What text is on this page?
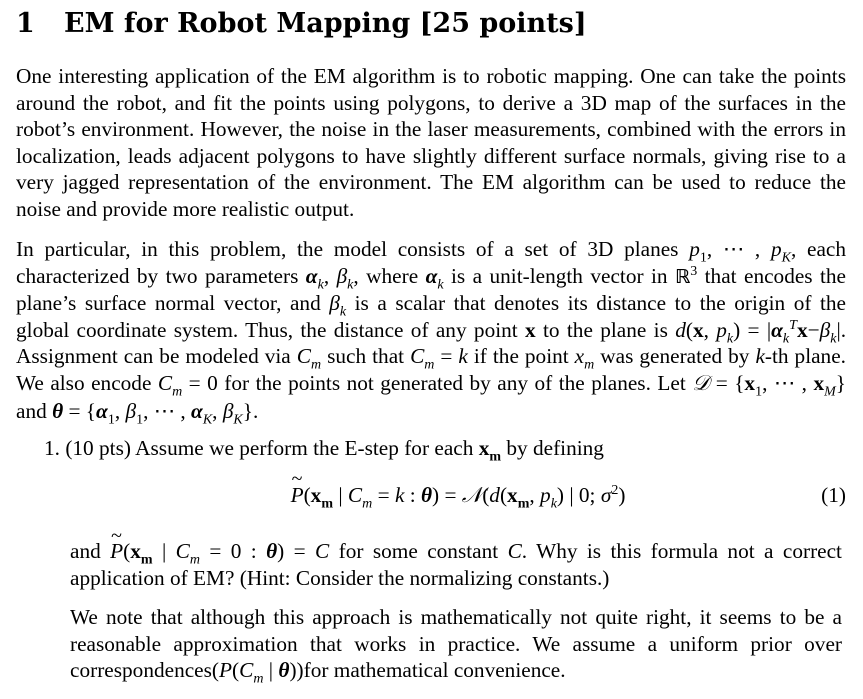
1 EM for Robot Mapping [25 points]
One interesting application of the EM algorithm is to robotic mapping. One can take the points around the robot, and fit the points using polygons, to derive a 3D map of the surfaces in the robot’s environment. However, the noise in the laser measurements, combined with the errors in localization, leads adjacent polygons to have slightly different surface normals, giving rise to a very jagged representation of the environment. The EM algorithm can be used to reduce the noise and provide more realistic output.
In particular, in this problem, the model consists of a set of 3D planes $p_1$, ⋯ , $p_K$, each characterized by two parameters $\alpha_k$, $\beta_k$, where $\alpha_k$ is a unit-length vector in ℝ$^3$ that encodes the plane’s surface normal vector, and $\beta_k$ is a scalar that denotes its distance to the origin of the global coordinate system. Thus, the distance of any point x to the plane is d(x, $p_k) = |\alpha_k^Tx-\beta_k|$. Assignment can be modeled via $C_m$ such that $C_m = k$ if the point $x_m$ was generated by k-th plane. We also encode $C_m = 0$ for the points not generated by any of the planes. Let 𝒟 = {$x_1$, ⋯ , $x_M$} and $\theta = \{\alpha_1$, $\beta_1$, ⋯ , $\alpha_K$, $\beta_K$}.
1. (10 pts) Assume we perform the E-step for each $x_m$ by defining
~ $P(x_m$ | $C_m = k$ : $\theta) = 𝒩(d(x_m$, $p_k$) | 0; $\sigma^2$)	(1)
and ~ $P(x_m$ | $C_m = 0$ : θ) = C for some constant C. Why is this formula not a correct application of EM? (Hint: Consider the normalizing constants.)
We note that although this approach is mathematically not quite right, it seems to be a reasonable approximation that works in practice. We assume a uniform prior over $correspondences(P(C_m$ | θ))for mathematical convenience.
